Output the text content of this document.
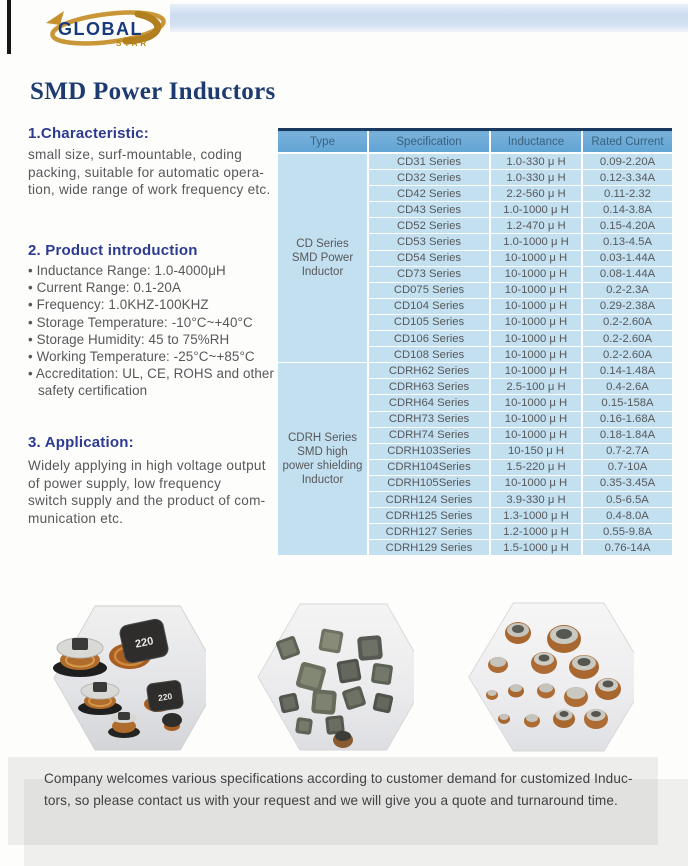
GLOBAL
STAR
SMD Power Inductors
1.Characteristic:
small size, surf-mountable, coding
packing, suitable for automatic opera-
tion, wide range of work frequency etc.
2. Product introduction
• Inductance Range: 1.0-4000μH
• Current Range: 0.1-20A
• Frequency: 1.0KHZ-100KHZ
• Storage Temperature: -10°C~+40°C
• Storage Humidity: 45 to 75%RH
• Working Temperature: -25°C~+85°C
• Accreditation: UL, CE, ROHS and other safety certification
3. Application:
Widely applying in high voltage output
of power supply, low frequency
switch supply and the product of com-
munication etc.
Type	Specification	Inductance	Rated Current

CD Series
SMD Power
Inductor	CD31 Series	1.0-330 μ H	0.09-2.20A
	CD32 Series	1.0-330 μ H	0.12-3.34A
	CD42 Series	2.2-560 μ H	0.11-2.32
	CD43 Series	1.0-1000 μ H	0.14-3.8A
	CD52 Series	1.2-470 μ H	0.15-4.20A
	CD53 Series	1.0-1000 μ H	0.13-4.5A
	CD54 Series	10-1000 μ H	0.03-1.44A
	CD73 Series	10-1000 μ H	0.08-1.44A
	CD075 Series	10-1000 μ H	0.2-2.3A
	CD104 Series	10-1000 μ H	0.29-2.38A
	CD105 Series	10-1000 μ H	0.2-2.60A
	CD106 Series	10-1000 μ H	0.2-2.60A
	CD108 Series	10-1000 μ H	0.2-2.60A

CDRH Series
SMD high
power shielding
Inductor	CDRH62 Series	10-1000 μ H	0.14-1.48A
	CDRH63 Series	2.5-100 μ H	0.4-2.6A
	CDRH64 Series	10-1000 μ H	0.15-158A
	CDRH73 Series	10-1000 μ H	0.16-1.68A
	CDRH74 Series	10-1000 μ H	0.18-1.84A
	CDRH103Series	10-150 μ H	0.7-2.7A
	CDRH104Series	1.5-220 μ H	0.7-10A
	CDRH105Series	10-1000 μ H	0.35-3.45A
	CDRH124 Series	3.9-330 μ H	0.5-6.5A
	CDRH125 Series	1.3-1000 μ H	0.4-8.0A
	CDRH127 Series	1.2-1000 μ H	0.55-9.8A
	CDRH129 Series	1.5-1000 μ H	0.76-14A
220
220
Company welcomes various specifications according to customer demand for customized Induc-
tors, so please contact us with your request and we will give you a quote and turnaround time.
